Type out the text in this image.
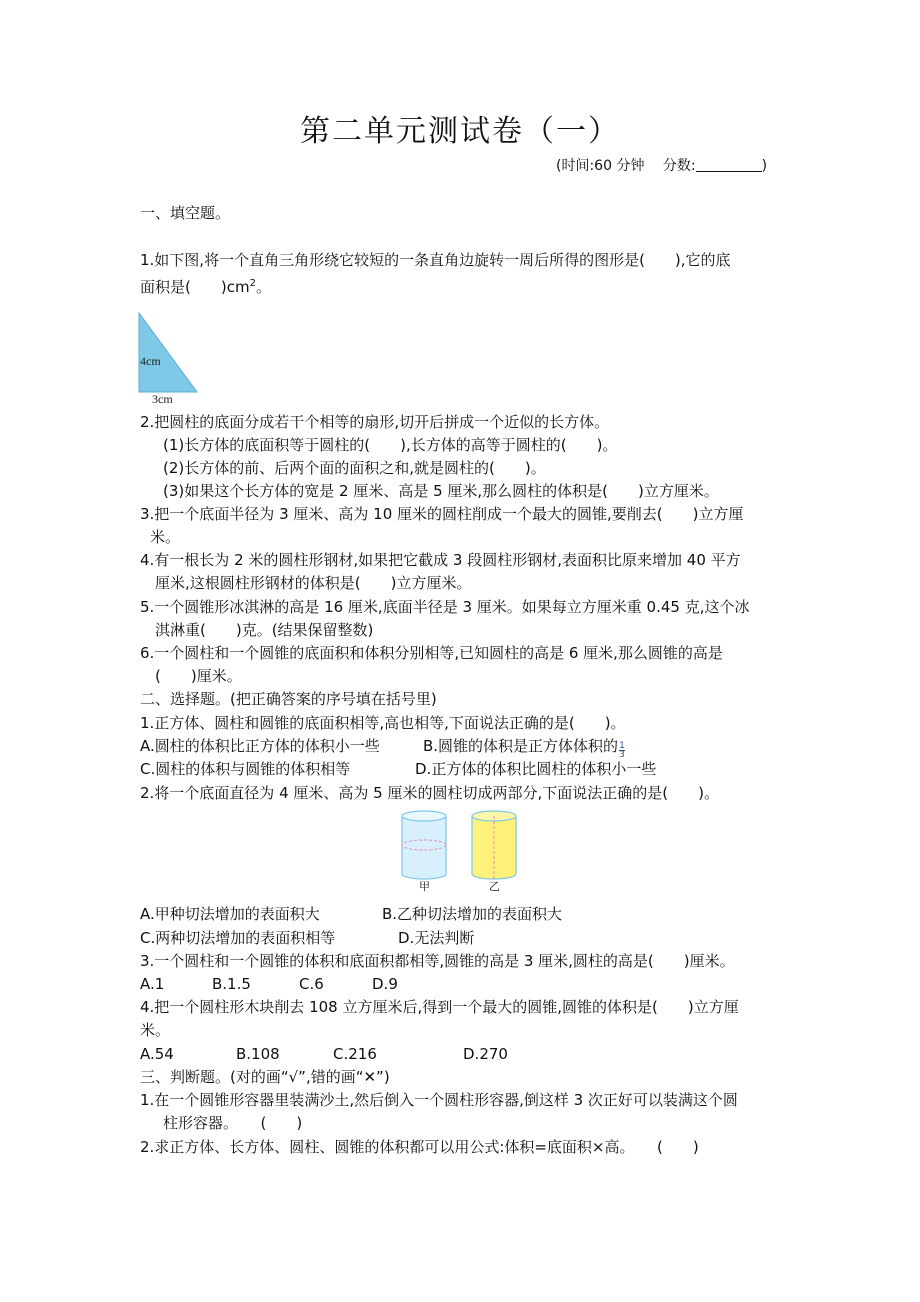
第二单元测试卷（一）
(时间:60 分钟 分数:	)
一、填空题。
1.如下图,将一个直角三角形绕它较短的一条直角边旋转一周后所得的图形是(　　),它的底
面积是(　　)$cm^2$。
4cm
3cm
2.把圆柱的底面分成若干个相等的扇形,切开后拼成一个近似的长方体。
(1)长方体的底面积等于圆柱的(　　),长方体的高等于圆柱的(　　)。
(2)长方体的前、后两个面的面积之和,就是圆柱的(　　)。
(3)如果这个长方体的宽是 2 厘米、高是 5 厘米,那么圆柱的体积是(　　)立方厘米。
3.把一个底面半径为 3 厘米、高为 10 厘米的圆柱削成一个最大的圆锥,要削去(　　)立方厘
米。
4.有一根长为 2 米的圆柱形钢材,如果把它截成 3 段圆柱形钢材,表面积比原来增加 40 平方
厘米,这根圆柱形钢材的体积是(　　)立方厘米。
5.一个圆锥形冰淇淋的高是 16 厘米,底面半径是 3 厘米。如果每立方厘米重 0.45 克,这个冰
淇淋重(　　)克。(结果保留整数)
6.一个圆柱和一个圆锥的底面积和体积分别相等,已知圆柱的高是 6 厘米,那么圆锥的高是
(　　)厘米。
二、选择题。(把正确答案的序号填在括号里)
1.正方体、圆柱和圆锥的底面积相等,高也相等,下面说法正确的是(　　)。
A.圆柱的体积比正方体的体积小一些	B.圆锥的体积是正方体体积的 $\frac{1}{3}$
C.圆柱的体积与圆锥的体积相等	D.正方体的体积比圆柱的体积小一些
2.将一个底面直径为 4 厘米、高为 5 厘米的圆柱切成两部分,下面说法正确的是(　　)。
甲	乙
A.甲种切法增加的表面积大	B.乙种切法增加的表面积大
C.两种切法增加的表面积相等	D.无法判断
3.一个圆柱和一个圆锥的体积和底面积都相等,圆锥的高是 3 厘米,圆柱的高是(　　)厘米。
A.1	B.1.5	C.6	D.9
4.把一个圆柱形木块削去 108 立方厘米后,得到一个最大的圆锥,圆锥的体积是(　　)立方厘
米。
A.54	B.108	C.216	D.270
三、判断题。(对的画“√”,错的画“✕”)
1.在一个圆锥形容器里装满沙土,然后倒入一个圆柱形容器,倒这样 3 次正好可以装满这个圆
柱形容器。　　(　　)
2.求正方体、长方体、圆柱、圆锥的体积都可以用公式:体积=底面积×高。　　(　　)
